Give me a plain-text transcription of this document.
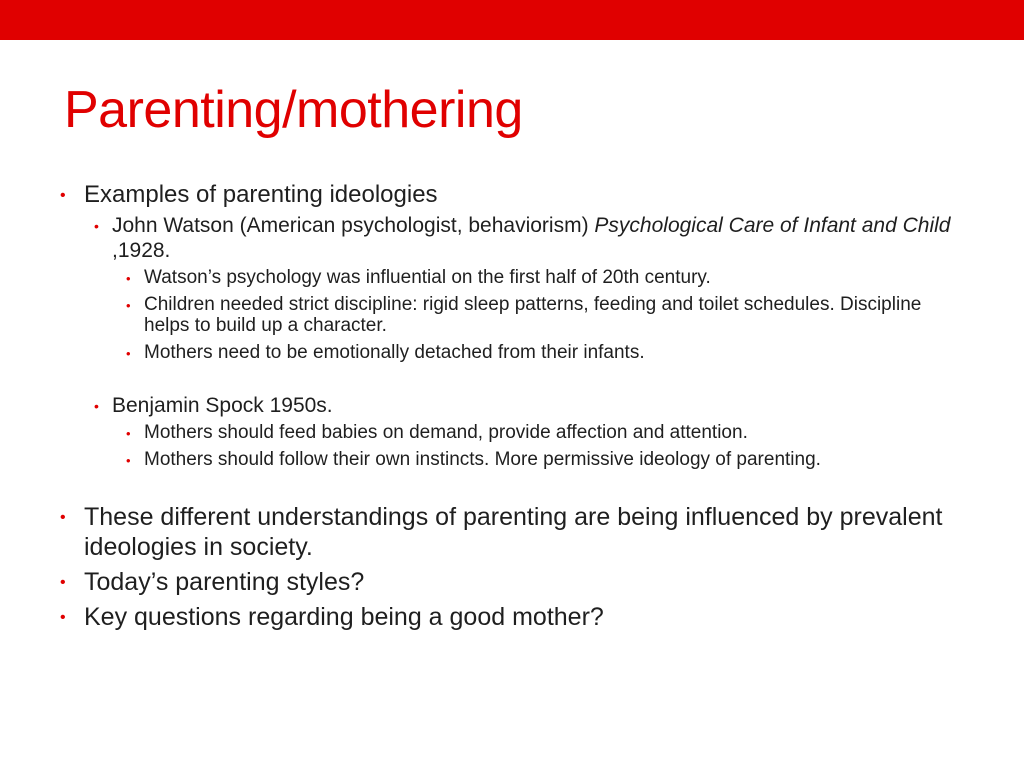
Parenting/mothering
• Examples of parenting ideologies
• John Watson (American psychologist, behaviorism) Psychological Care of Infant and Child ,1928.
• Watson’s psychology was influential on the first half of 20th century.
• Children needed strict discipline: rigid sleep patterns, feeding and toilet schedules. Discipline helps to build up a character.
• Mothers need to be emotionally detached from their infants.
• Benjamin Spock 1950s.
• Mothers should feed babies on demand, provide affection and attention.
• Mothers should follow their own instincts. More permissive ideology of parenting.
• These different understandings of parenting are being influenced by prevalent ideologies in society.
• Today’s parenting styles?
• Key questions regarding being a good mother?
